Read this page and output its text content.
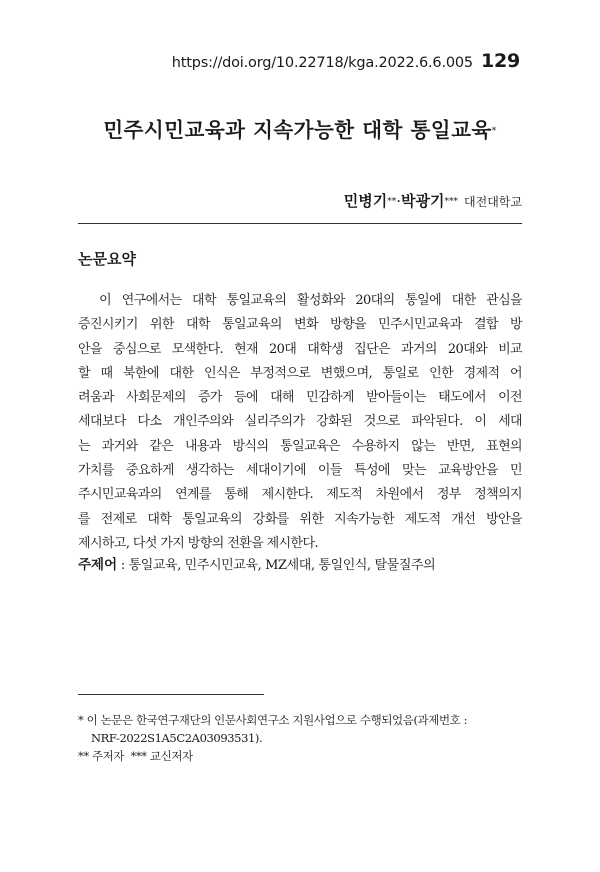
https://doi.org/10.22718/kga.2022.6.6.005 129
민주시민교육과 지속가능한 대학 통일교육*
민병기**·박광기*** 대전대학교
논문요약
이 연구에서는 대학 통일교육의 활성화와 20대의 통일에 대한 관심을
증진시키기 위한 대학 통일교육의 변화 방향을 민주시민교육과 결합 방
안을 중심으로 모색한다. 현재 20대 대학생 집단은 과거의 20대와 비교
할 때 북한에 대한 인식은 부정적으로 변했으며, 통일로 인한 경제적 어
려움과 사회문제의 증가 등에 대해 민감하게 받아들이는 태도에서 이전
세대보다 다소 개인주의와 실리주의가 강화된 것으로 파악된다. 이 세대
는 과거와 같은 내용과 방식의 통일교육은 수용하지 않는 반면, 표현의
가치를 중요하게 생각하는 세대이기에 이들 특성에 맞는 교육방안을 민
주시민교육과의 연계를 통해 제시한다. 제도적 차원에서 정부 정책의지
를 전제로 대학 통일교육의 강화를 위한 지속가능한 제도적 개선 방안을
제시하고, 다섯 가지 방향의 전환을 제시한다.
주제어 : 통일교육, 민주시민교육, MZ세대, 통일인식, 탈물질주의
* 이 논문은 한국연구재단의 인문사회연구소 지원사업으로 수행되었음(과제번호 :
NRF-2022S1A5C2A03093531).
** 주저자  *** 교신저자
